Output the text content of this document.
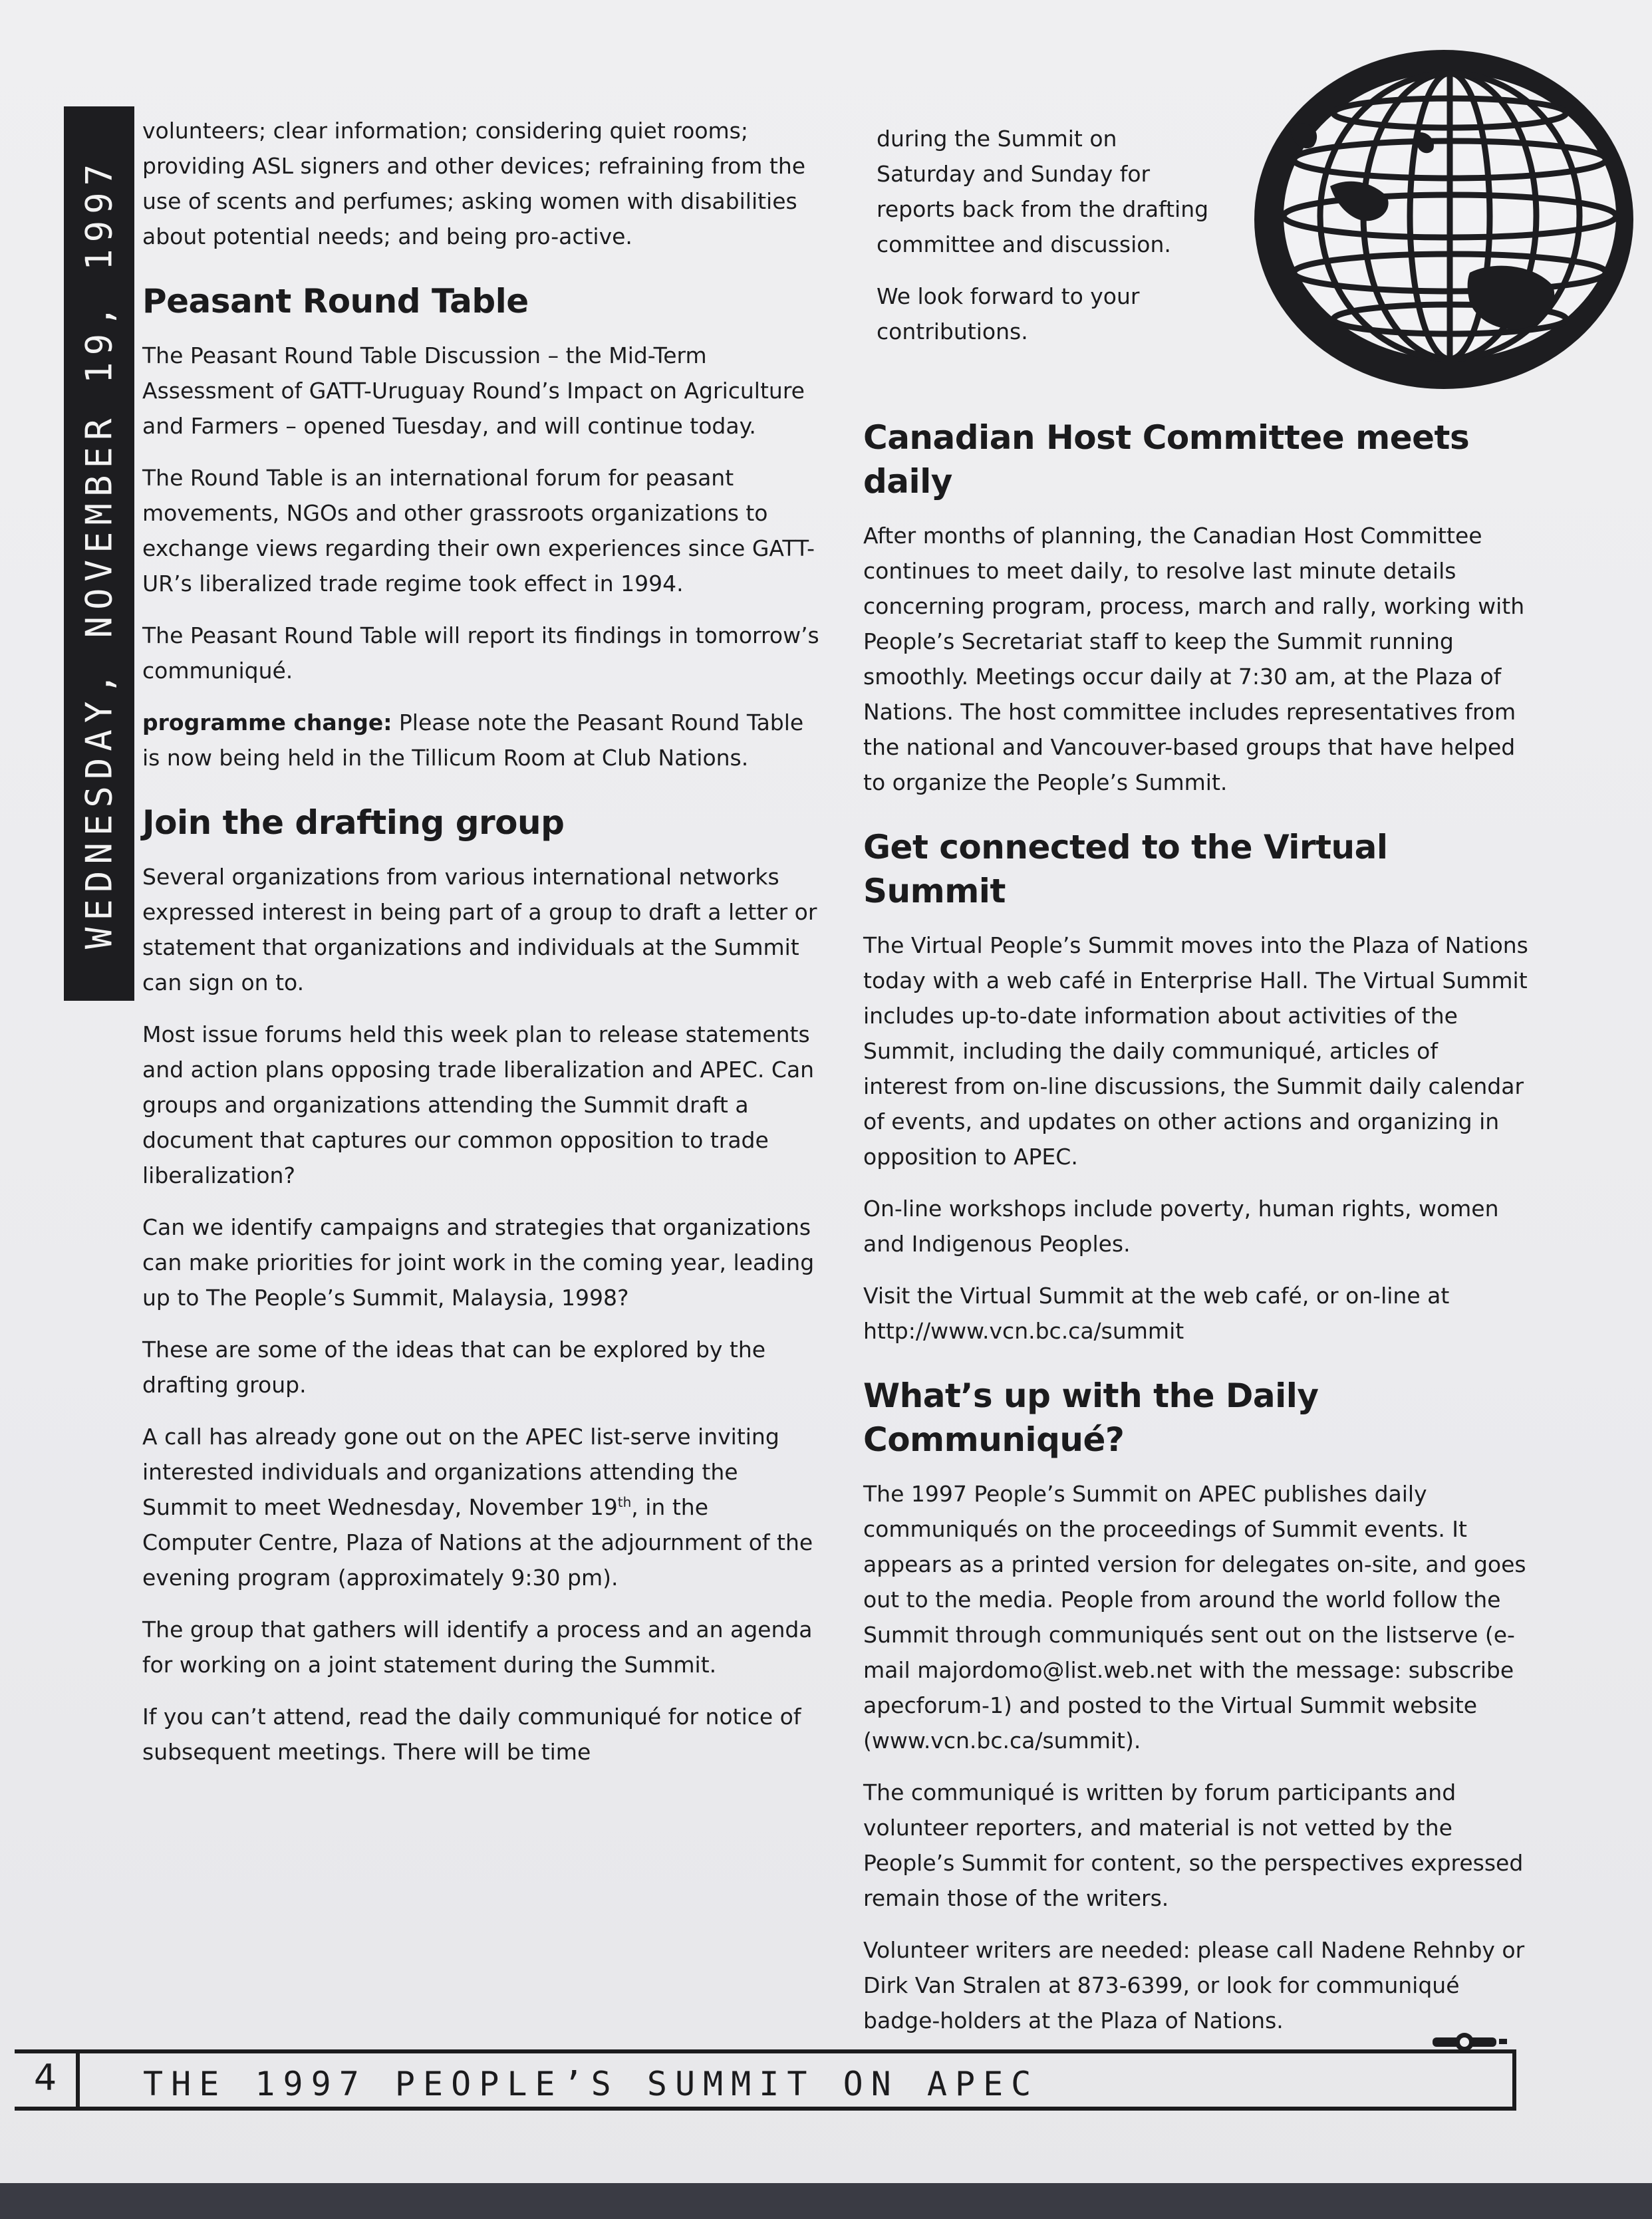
WEDNESDAY, NOVEMBER 19, 1997

volunteers; clear information; considering quiet rooms; providing ASL signers and other devices; refraining from the use of scents and perfumes; asking women with disabilities about potential needs; and being pro-active.

Peasant Round Table

The Peasant Round Table Discussion – the Mid-Term Assessment of GATT-Uruguay Round’s Impact on Agriculture and Farmers – opened Tuesday, and will continue today.

The Round Table is an international forum for peasant movements, NGOs and other grassroots organizations to exchange views regarding their own experiences since GATT-UR’s liberalized trade regime took effect in 1994.

The Peasant Round Table will report its findings in tomorrow’s communiqué.

programme change: Please note the Peasant Round Table is now being held in the Tillicum Room at Club Nations.

Join the drafting group

Several organizations from various international networks expressed interest in being part of a group to draft a letter or statement that organizations and individuals at the Summit can sign on to.

Most issue forums held this week plan to release statements and action plans opposing trade liberalization and APEC. Can groups and organizations attending the Summit draft a document that captures our common opposition to trade liberalization?

Can we identify campaigns and strategies that organizations can make priorities for joint work in the coming year, leading up to The People’s Summit, Malaysia, 1998?

These are some of the ideas that can be explored by the drafting group.

A call has already gone out on the APEC list-serve inviting interested individuals and organizations attending the Summit to meet Wednesday, November 19th, in the Computer Centre, Plaza of Nations at the adjournment of the evening program (approximately 9:30 pm).

The group that gathers will identify a process and an agenda for working on a joint statement during the Summit.

If you can’t attend, read the daily communiqué for notice of subsequent meetings. There will be time

during the Summit on Saturday and Sunday for reports back from the drafting committee and discussion.

We look forward to your contributions.

Canadian Host Committee meets daily

After months of planning, the Canadian Host Committee continues to meet daily, to resolve last minute details concerning program, process, march and rally, working with People’s Secretariat staff to keep the Summit running smoothly. Meetings occur daily at 7:30 am, at the Plaza of Nations. The host committee includes representatives from the national and Vancouver-based groups that have helped to organize the People’s Summit.

Get connected to the Virtual Summit

The Virtual People’s Summit moves into the Plaza of Nations today with a web café in Enterprise Hall. The Virtual Summit includes up-to-date information about activities of the Summit, including the daily communiqué, articles of interest from on-line discussions, the Summit daily calendar of events, and updates on other actions and organizing in opposition to APEC.

On-line workshops include poverty, human rights, women and Indigenous Peoples.

Visit the Virtual Summit at the web café, or on-line at http://www.vcn.bc.ca/summit

What’s up with the Daily Communiqué?

The 1997 People’s Summit on APEC publishes daily communiqués on the proceedings of Summit events. It appears as a printed version for delegates on-site, and goes out to the media. People from around the world follow the Summit through communiqués sent out on the listserve (e-mail majordomo@list.web.net with the message: subscribe apecforum-1) and posted to the Virtual Summit website (www.vcn.bc.ca/summit).

The communiqué is written by forum participants and volunteer reporters, and material is not vetted by the People’s Summit for content, so the perspectives expressed remain those of the writers.

Volunteer writers are needed: please call Nadene Rehnby or Dirk Van Stralen at 873-6399, or look for communiqué badge-holders at the Plaza of Nations.

4	THE 1997 PEOPLE’S SUMMIT ON APEC
